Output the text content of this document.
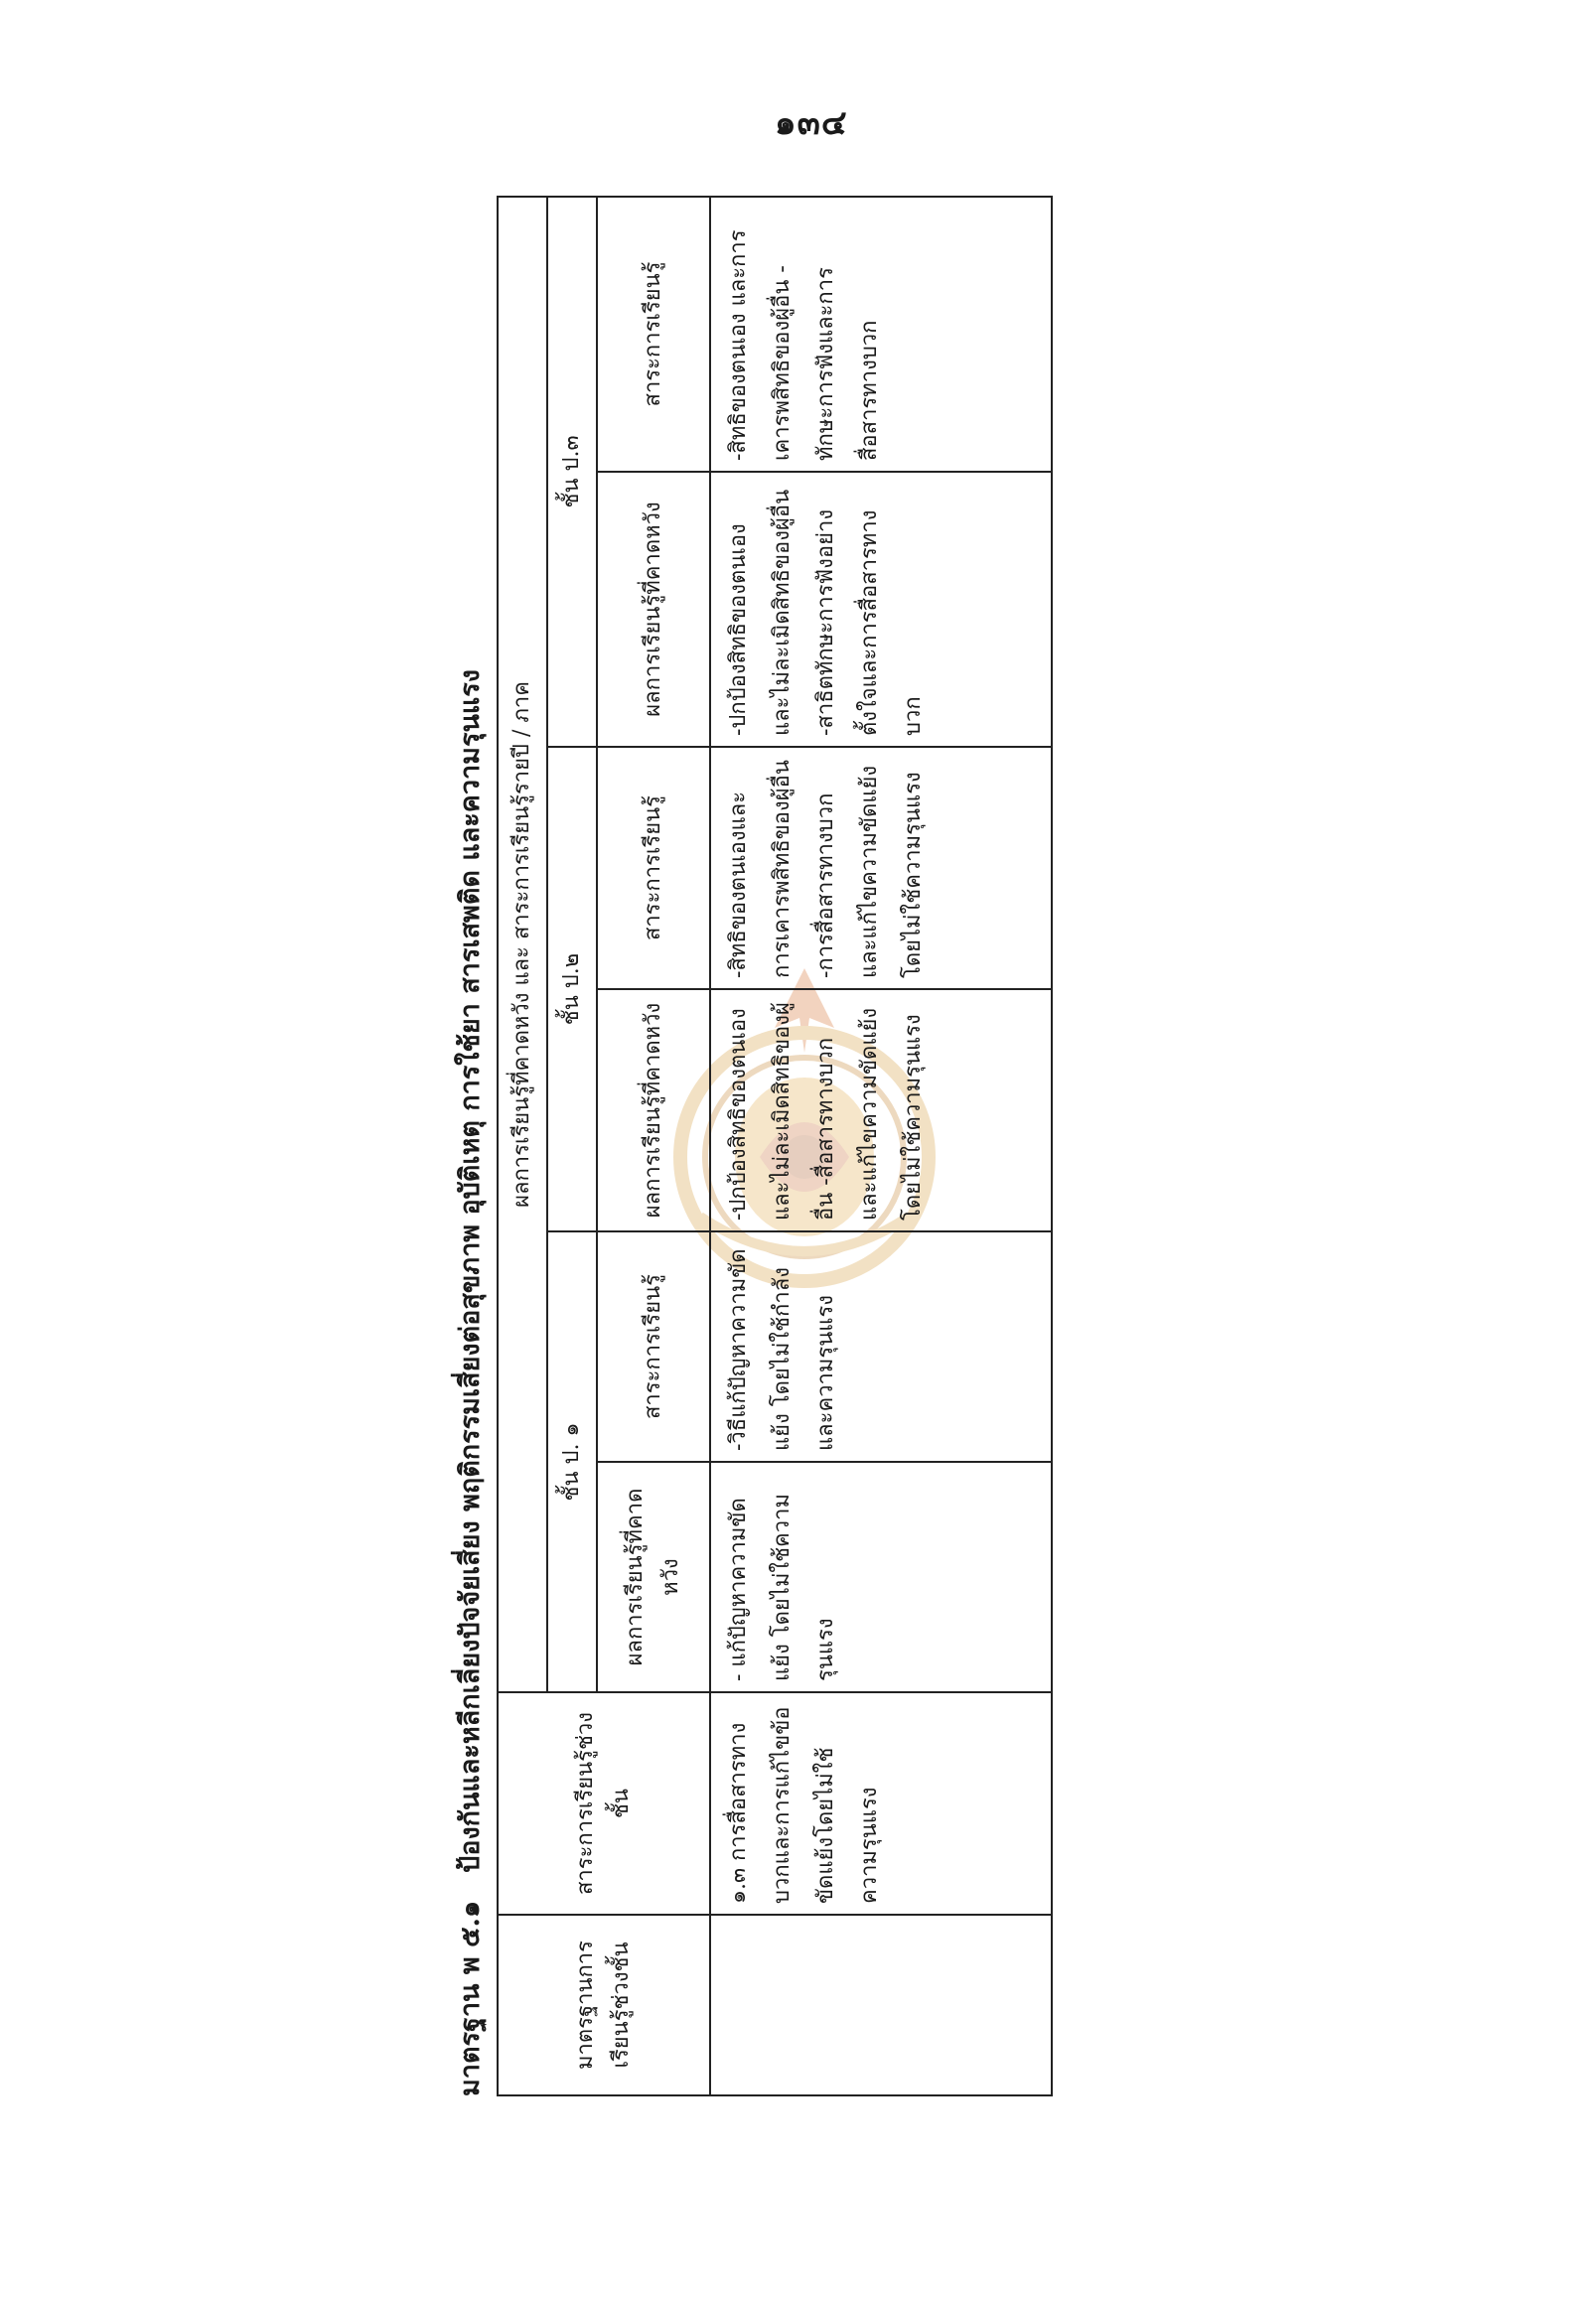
๑๓๔
มาตรฐาน พ ๕.๑
ป้องกันและหลีกเลี่ยงปัจจัยเสี่ยง พฤติกรรมเสี่ยงต่อสุขภาพ อุบัติเหตุ การใช้ยา สารเสพติด และความรุนแรง
มาตรฐานการเรียนรู้ช่วงชั้น	สาระการเรียนรู้ช่วงชั้น	ผลการเรียนรู้ที่คาดหวัง และ สาระการเรียนรู้รายปี / ภาค					
		ชั้น ป. ๑		ชั้น ป.๒		ชั้น ป.๓	
		ผลการเรียนรู้ที่คาดหวัง	สาระการเรียนรู้	ผลการเรียนรู้ที่คาดหวัง	สาระการเรียนรู้	ผลการเรียนรู้ที่คาดหวัง	สาระการเรียนรู้
	๑.๓ การสื่อสารทางบวกและการแก้ไขข้อขัดแย้งโดยไม่ใช้ความรุนแรง	- แก้ปัญหาความขัดแย้ง โดยไม่ใช้ความรุนแรง	-วิธีแก้ปัญหาความขัดแย้ง โดยไม่ใช้กำลังและความรุนแรง	-ปกป้องสิทธิของตนเอง และไม่ละเมิดสิทธิของผู้อื่น -สื่อสารทางบวกและแก้ไขความขัดแย้งโดยไม่ใช้ความรุนแรง	-สิทธิของตนเองและการเคารพสิทธิของผู้อื่น -การสื่อสารทางบวกและแก้ไขความขัดแย้งโดยไม่ใช้ความรุนแรง	-ปกป้องสิทธิของตนเอง และไม่ละเมิดสิทธิของผู้อื่น -สาธิตทักษะการฟังอย่างตั้งใจและการสื่อสารทางบวก	-สิทธิของตนเอง และการเคารพสิทธิของผู้อื่น - ทักษะการฟังและการสื่อสารทางบวก
